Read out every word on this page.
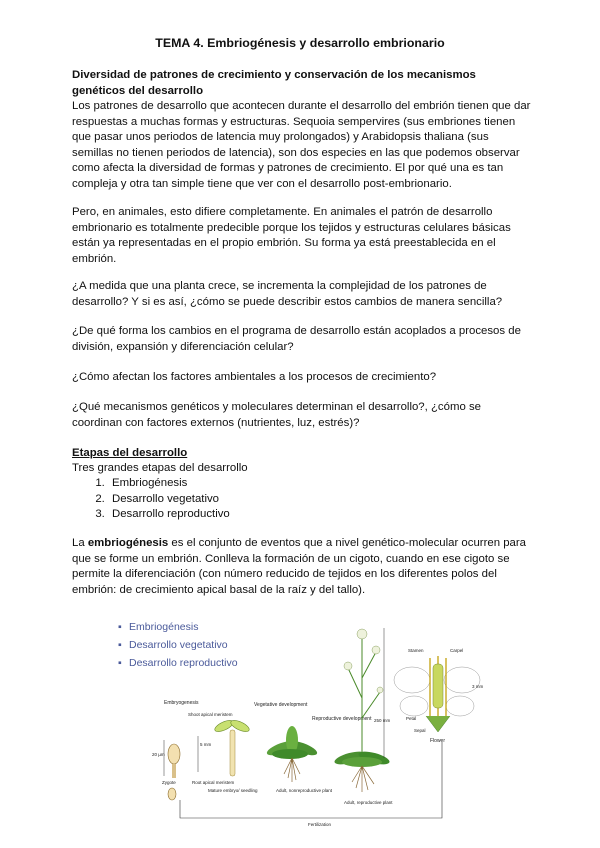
TEMA 4. Embriogénesis y desarrollo embrionario
Diversidad de patrones de crecimiento y conservación de los mecanismos genéticos del desarrollo
Los patrones de desarrollo que acontecen durante el desarrollo del embrión tienen que dar respuestas a muchas formas y estructuras. Sequoia sempervires (sus embriones tienen que pasar unos periodos de latencia muy prolongados) y Arabidopsis thaliana (sus semillas no tienen periodos de latencia), son dos especies en las que podemos observar como afecta la diversidad de formas y patrones de crecimiento. El por qué una es tan compleja y otra tan simple tiene que ver con el desarrollo post-embrionario.
Pero, en animales, esto difiere completamente. En animales el patrón de desarrollo embrionario es totalmente predecible porque los tejidos y estructuras celulares básicas están ya representadas en el propio embrión. Su forma ya está preestablecida en el embrión.
¿A medida que una planta crece, se incrementa la complejidad de los patrones de desarrollo? Y si es así, ¿cómo se puede describir estos cambios de manera sencilla?
¿De qué forma los cambios en el programa de desarrollo están acoplados a procesos de división, expansión y diferenciación celular?
¿Cómo afectan los factores ambientales a los procesos de crecimiento?
¿Qué mecanismos genéticos y moleculares determinan el desarrollo?, ¿cómo se coordinan con factores externos (nutrientes, luz, estrés)?
Etapas del desarrollo
Tres grandes etapas del desarrollo
1. Embriogénesis
2. Desarrollo vegetativo
3. Desarrollo reproductivo
La embriogénesis es el conjunto de eventos que a nivel genético-molecular ocurren para que se forme un embrión. Conlleva la formación de un cigoto, cuando en ese cigoto se permite la diferenciación (con número reducido de tejidos en los diferentes polos del embrión: de crecimiento apical basal de la raíz y del tallo).
▪ Embriogénesis
▪ Desarrollo vegetativo
▪ Desarrollo reproductivo
Embryogenesis
Shoot apical meristem
20 µm
Zygote	Root apical meristem
5 mm
Mature embryo/ seedling
Vegetative development
Adult, nonreproductive plant
Reproductive development 250 mm
Adult, reproductive plant
Stamen	Carpel
Petal
Sepal
3 mm
Flower
Fertilization
